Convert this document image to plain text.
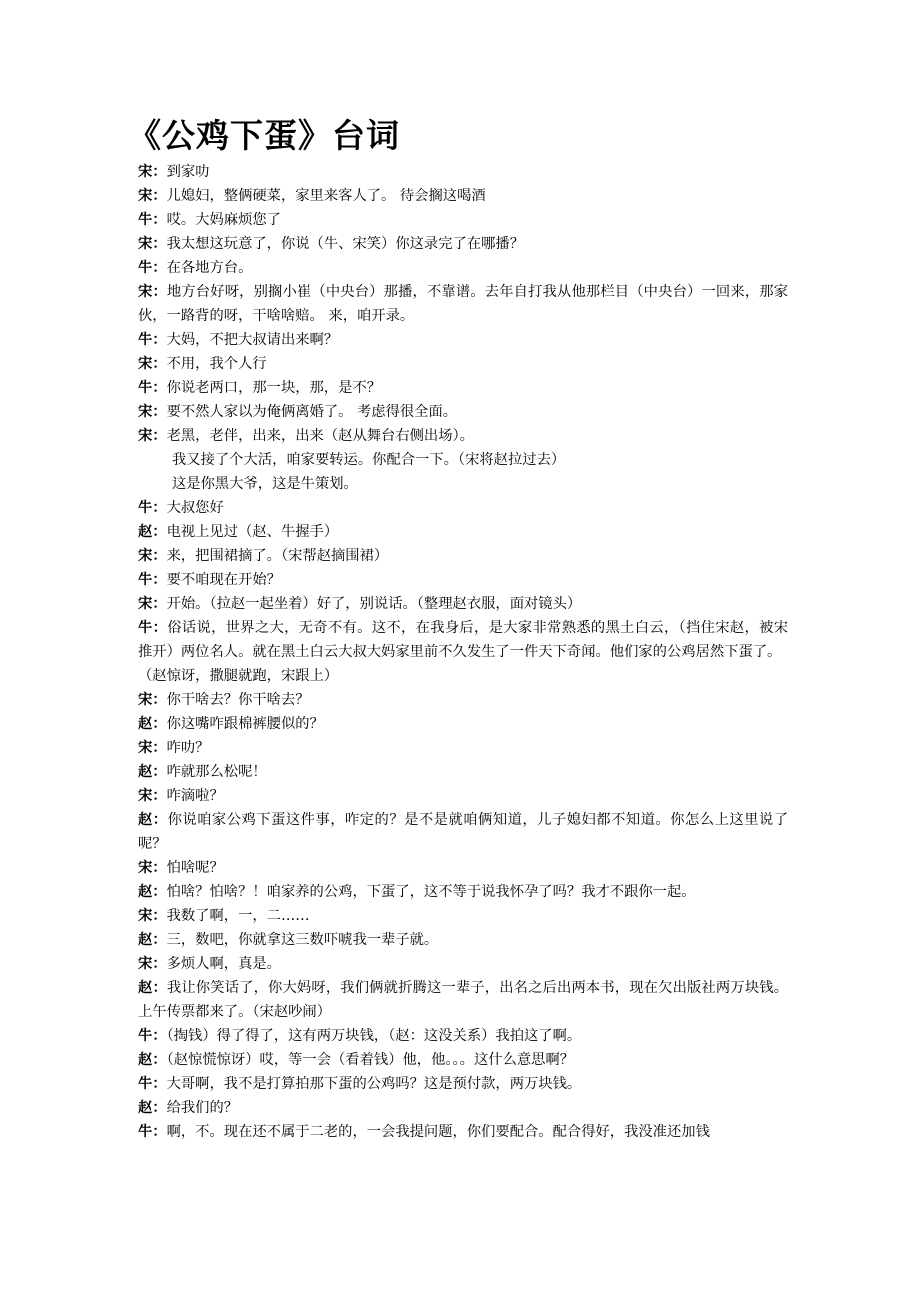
《公鸡下蛋》台词
宋：到家叻
宋：儿媳妇，整俩硬菜，家里来客人了。 待会搁这喝酒
牛：哎。大妈麻烦您了
宋：我太想这玩意了，你说（牛、宋笑）你这录完了在哪播？
牛：在各地方台。
宋：地方台好呀，别搁小崔（中央台）那播，不靠谱。去年自打我从他那栏目（中央台）一回来，那家伙，一路背的呀，干啥啥赔。 来，咱开录。
牛：大妈，不把大叔请出来啊？
宋：不用，我个人行
牛：你说老两口，那一块，那，是不？
宋：要不然人家以为俺俩离婚了。 考虑得很全面。
宋：老黑，老伴，出来，出来（赵从舞台右侧出场）。
我又接了个大活，咱家要转运。你配合一下。（宋将赵拉过去）
这是你黑大爷，这是牛策划。
牛：大叔您好
赵：电视上见过（赵、牛握手）
宋：来，把围裙摘了。（宋帮赵摘围裙）
牛：要不咱现在开始？
宋：开始。（拉赵一起坐着）好了，别说话。（整理赵衣服，面对镜头）
牛：俗话说，世界之大，无奇不有。这不，在我身后，是大家非常熟悉的黑土白云，（挡住宋赵，被宋推开）两位名人。就在黑土白云大叔大妈家里前不久发生了一件天下奇闻。他们家的公鸡居然下蛋了。
（赵惊讶，撒腿就跑，宋跟上）
宋：你干啥去？你干啥去？
赵：你这嘴咋跟棉裤腰似的？
宋：咋叻？
赵：咋就那么松呢！
宋：咋滴啦？
赵：你说咱家公鸡下蛋这件事，咋定的？是不是就咱俩知道，儿子媳妇都不知道。你怎么上这里说了呢？
宋：怕啥呢？
赵：怕啥？怕啥？！咱家养的公鸡，下蛋了，这不等于说我怀孕了吗？我才不跟你一起。
宋：我数了啊，一，二……
赵：三，数吧，你就拿这三数吓唬我一辈子就。
宋：多烦人啊，真是。
赵：我让你笑话了，你大妈呀，我们俩就折腾这一辈子，出名之后出两本书，现在欠出版社两万块钱。上午传票都来了。（宋赵吵闹）
牛：（掏钱）得了得了，这有两万块钱，（赵：这没关系）我拍这了啊。
赵：（赵惊慌惊讶）哎，等一会（看着钱）他，他。。。这什么意思啊？
牛：大哥啊，我不是打算拍那下蛋的公鸡吗？这是预付款，两万块钱。
赵：给我们的？
牛：啊，不。现在还不属于二老的，一会我提问题，你们要配合。配合得好，我没准还加钱
